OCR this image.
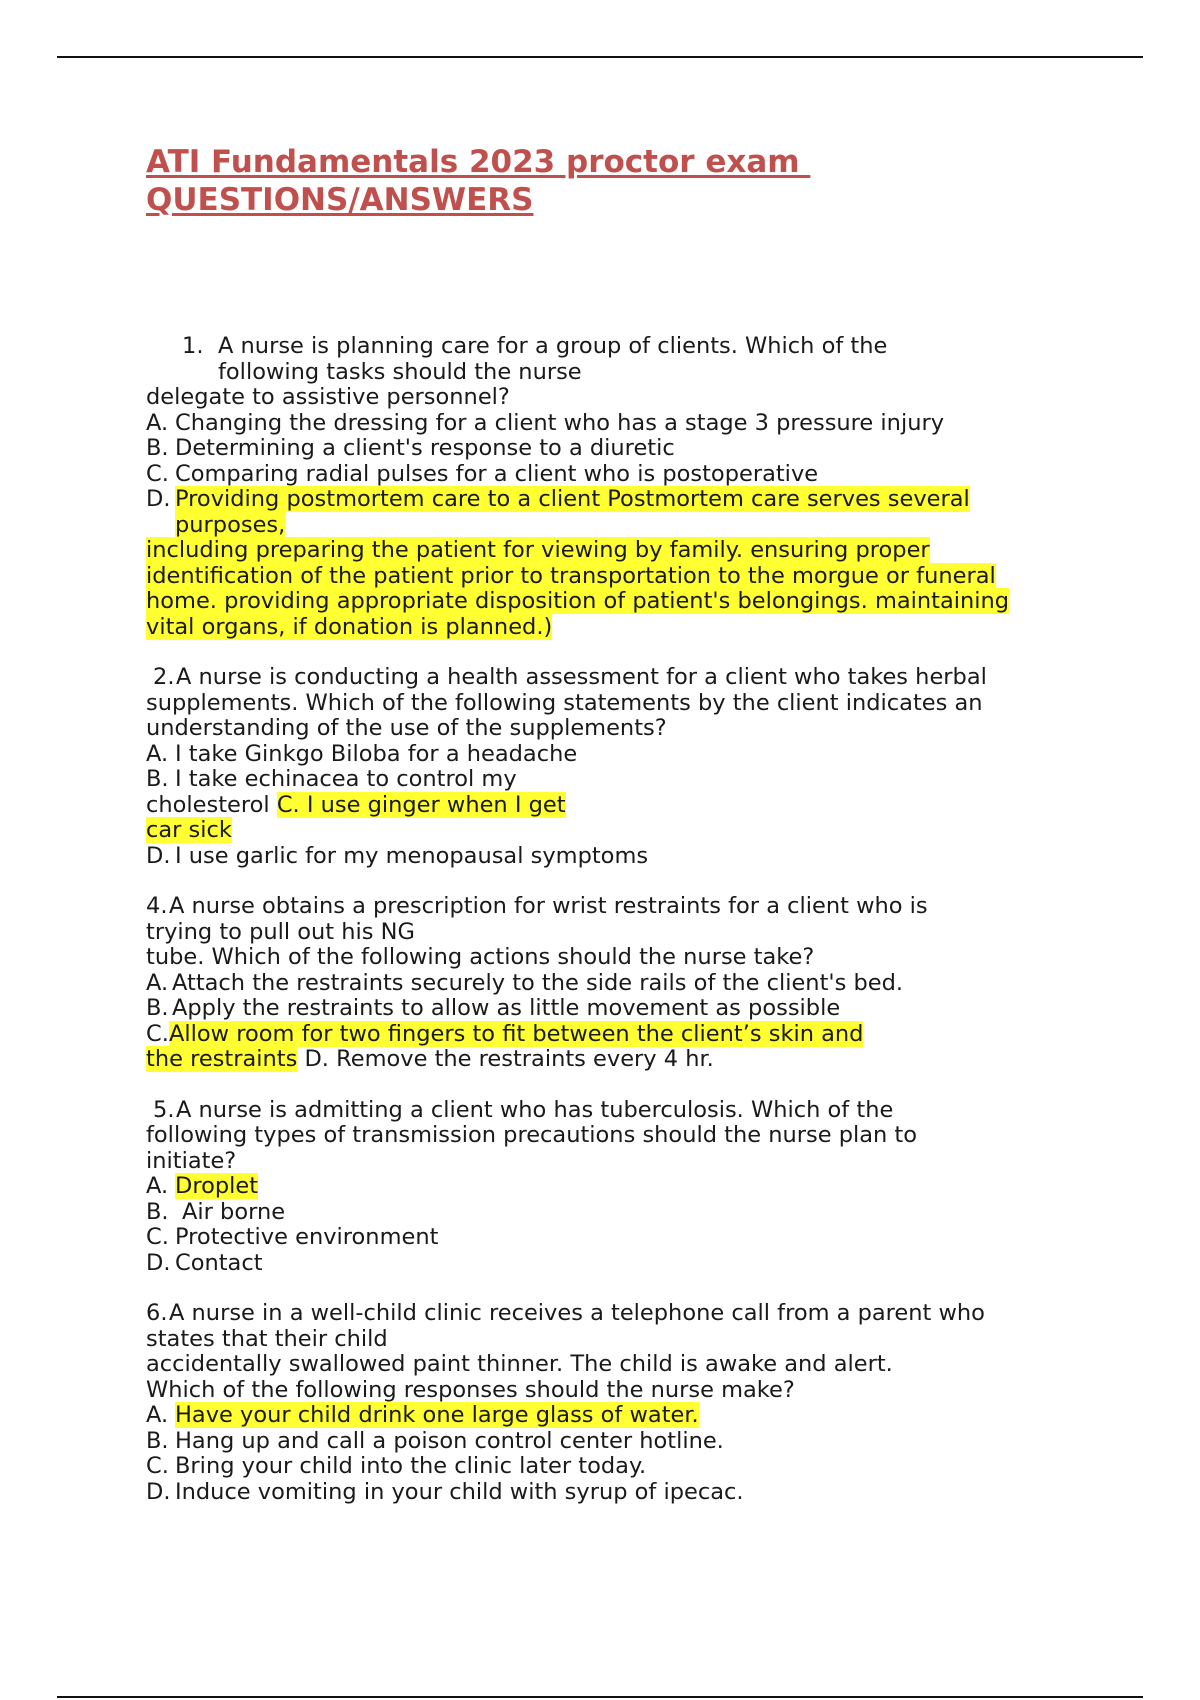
ATI Fundamentals 2023 proctor exam
QUESTIONS/ANSWERS
1. A nurse is planning care for a group of clients. Which of the
following tasks should the nurse
delegate to assistive personnel?
A. Changing the dressing for a client who has a stage 3 pressure injury
B. Determining a client's response to a diuretic
C. Comparing radial pulses for a client who is postoperative
D. Providing postmortem care to a client Postmortem care serves several
purposes,
including preparing the patient for viewing by family. ensuring proper
identification of the patient prior to transportation to the morgue or funeral
home. providing appropriate disposition of patient's belongings. maintaining
vital organs, if donation is planned.)
2.A nurse is conducting a health assessment for a client who takes herbal
supplements. Which of the following statements by the client indicates an
understanding of the use of the supplements?
A. I take Ginkgo Biloba for a headache
B. I take echinacea to control my
cholesterol C. I use ginger when I get
car sick
D. I use garlic for my menopausal symptoms
4.A nurse obtains a prescription for wrist restraints for a client who is
trying to pull out his NG
tube. Which of the following actions should the nurse take?
A. Attach the restraints securely to the side rails of the client's bed.
B. Apply the restraints to allow as little movement as possible
C.Allow room for two fingers to fit between the client’s skin and
the restraints D. Remove the restraints every 4 hr.
5.A nurse is admitting a client who has tuberculosis. Which of the
following types of transmission precautions should the nurse plan to
initiate?
A. Droplet
B. Air borne
C. Protective environment
D. Contact
6.A nurse in a well-child clinic receives a telephone call from a parent who
states that their child
accidentally swallowed paint thinner. The child is awake and alert.
Which of the following responses should the nurse make?
A. Have your child drink one large glass of water.
B. Hang up and call a poison control center hotline.
C. Bring your child into the clinic later today.
D. Induce vomiting in your child with syrup of ipecac.
